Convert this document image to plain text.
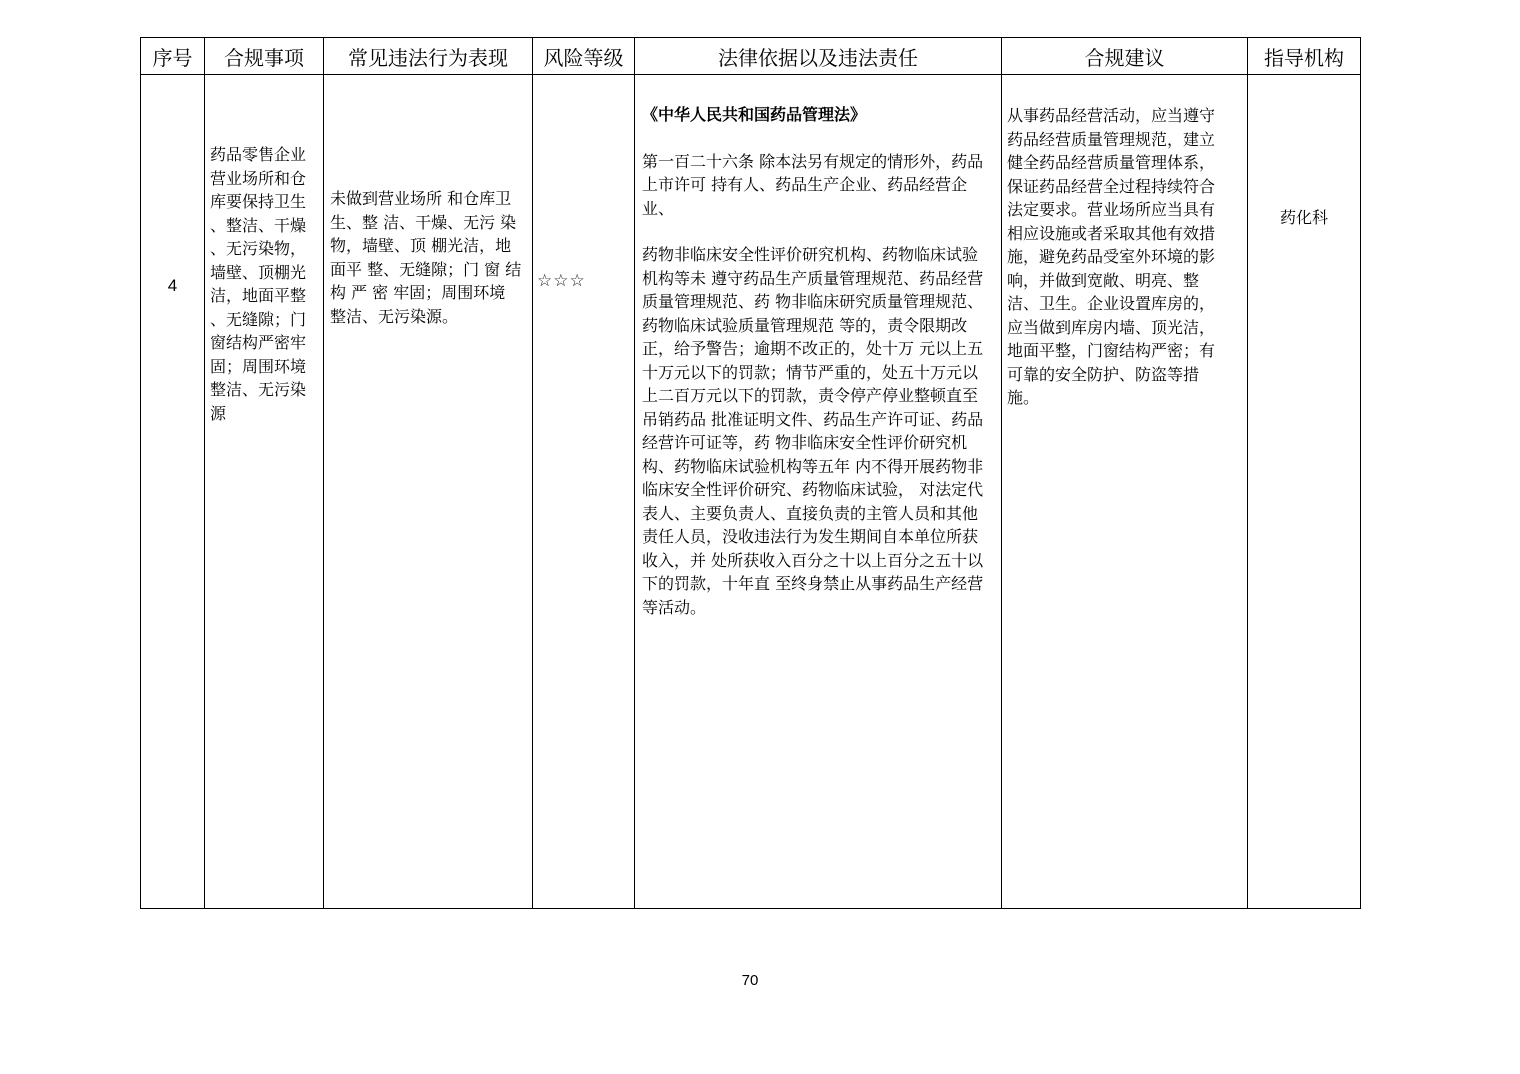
序号	合规事项	常见违法行为表现	风险等级	法律依据以及违法责任	合规建议	指导机构

4	药品零售企业 营业场所和仓 库要保持卫生 、整洁、干燥 、无污染物，墙壁、顶棚光 洁，地面平整 、无缝隙；门 窗结构严密牢 固；周围环境整洁、无污染 源	未做到营业场所 和仓库卫生、整 洁、干燥、无污 染物，墙壁、顶 棚光洁，地面平 整、无缝隙；门 窗 结 构 严 密 牢固；周围环境 整洁、无污染源。	☆☆☆	《中华人民共和国药品管理法》
第一百二十六条 除本法另有规定的情形外，药品上市许可 持有人、药品生产企业、药品经营企业、
药物非临床安全性评价研究机构、药物临床试验机构等未 遵守药品生产质量管理规范、药品经营质量管理规范、药 物非临床研究质量管理规范、药物临床试验质量管理规范 等的，责令限期改正，给予警告；逾期不改正的，处十万 元以上五十万元以下的罚款；情节严重的，处五十万元以 上二百万元以下的罚款，责令停产停业整顿直至吊销药品 批准证明文件、药品生产许可证、药品经营许可证等，药 物非临床安全性评价研究机构、药物临床试验机构等五年 内不得开展药物非临床安全性评价研究、药物临床试验， 对法定代表人、主要负责人、直接负责的主管人员和其他 责任人员，没收违法行为发生期间自本单位所获收入，并 处所获收入百分之十以上百分之五十以下的罚款，十年直 至终身禁止从事药品生产经营等活动。	从事药品经营活动，应当遵守药品经营质量管理规范，建立健全药品经营质量管理体系，保证药品经营全过程持续符合法定要求。营业场所应当具有相应设施或者采取其他有效措施，避免药品受室外环境的影响，并做到宽敞、明亮、整洁、卫生。企业设置库房的，应当做到库房内墙、顶光洁，地面平整，门窗结构严密；有可靠的安全防护、防盗等措施。	药化科
70
